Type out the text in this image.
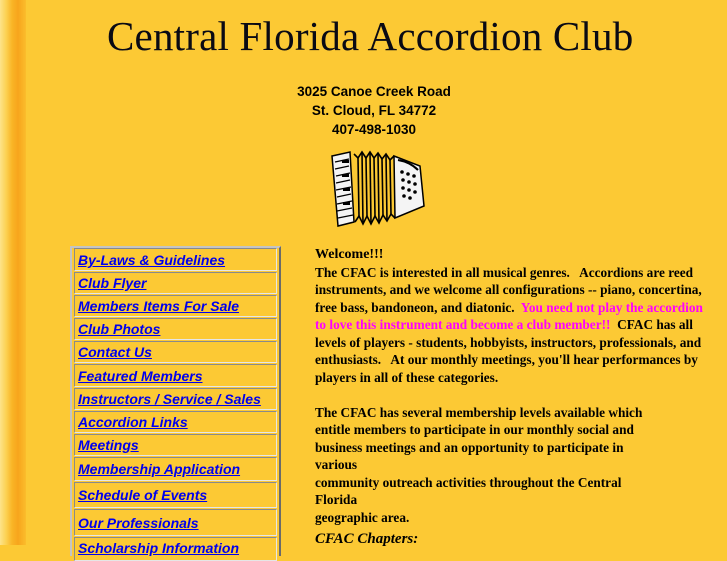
Central Florida Accordion Club
3025 Canoe Creek Road
St. Cloud, FL 34772
407-498-1030
By-Laws & Guidelines
Club Flyer
Members Items For Sale
Club Photos
Contact Us
Featured Members
Instructors / Service / Sales
Accordion Links
Meetings
Membership Application
Schedule of Events
Our Professionals
Scholarship Information

Welcome!!!

The CFAC is interested in all musical genres.   Accordions are reed instruments, and we welcome all configurations -- piano, concertina, free bass, bandoneon, and diatonic.  You need not play the accordion to love this instrument and become a club member!!  CFAC has all levels of players - students, hobbyists, instructors, professionals, and enthusiasts.   At our monthly meetings, you'll hear performances by players in all of these categories.

The CFAC has several membership levels available which
entitle members to participate in our monthly social and
business meetings and an opportunity to participate in
various
community outreach activities throughout the Central
Florida
geographic area.

CFAC Chapters:
